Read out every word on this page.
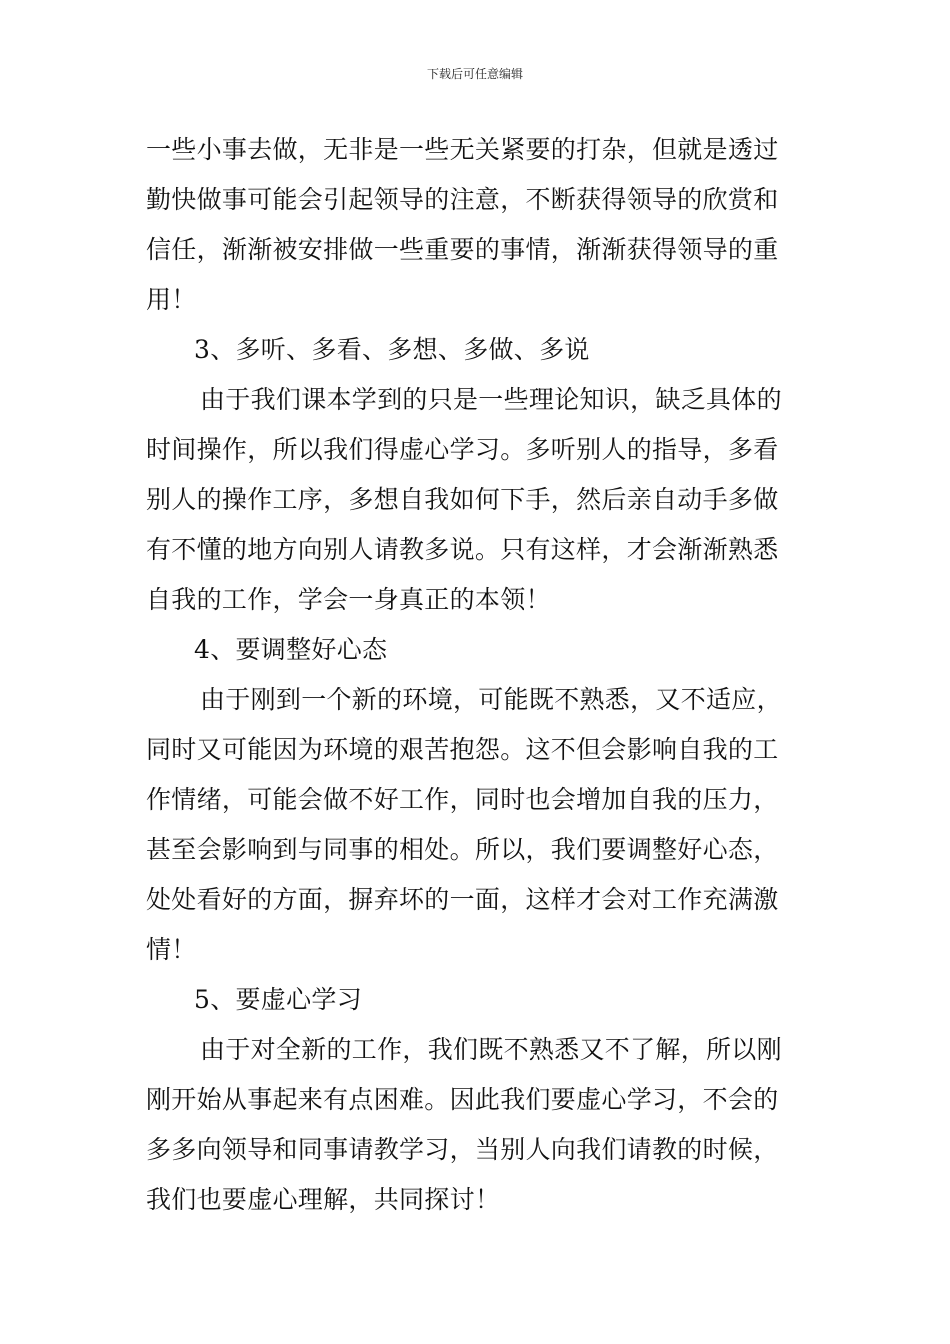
下载后可任意编辑
一些小事去做，无非是一些无关紧要的打杂，但就是透过
勤快做事可能会引起领导的注意，不断获得领导的欣赏和
信任，渐渐被安排做一些重要的事情，渐渐获得领导的重
用！
3、多听、多看、多想、多做、多说
由于我们课本学到的只是一些理论知识，缺乏具体的
时间操作，所以我们得虚心学习。多听别人的指导，多看
别人的操作工序，多想自我如何下手，然后亲自动手多做
有不懂的地方向别人请教多说。只有这样，才会渐渐熟悉
自我的工作，学会一身真正的本领！
4、要调整好心态
由于刚到一个新的环境，可能既不熟悉，又不适应，
同时又可能因为环境的艰苦抱怨。这不但会影响自我的工
作情绪，可能会做不好工作，同时也会增加自我的压力，
甚至会影响到与同事的相处。所以，我们要调整好心态，
处处看好的方面，摒弃坏的一面，这样才会对工作充满激
情！
5、要虚心学习
由于对全新的工作，我们既不熟悉又不了解，所以刚
刚开始从事起来有点困难。因此我们要虚心学习，不会的
多多向领导和同事请教学习，当别人向我们请教的时候，
我们也要虚心理解，共同探讨！
